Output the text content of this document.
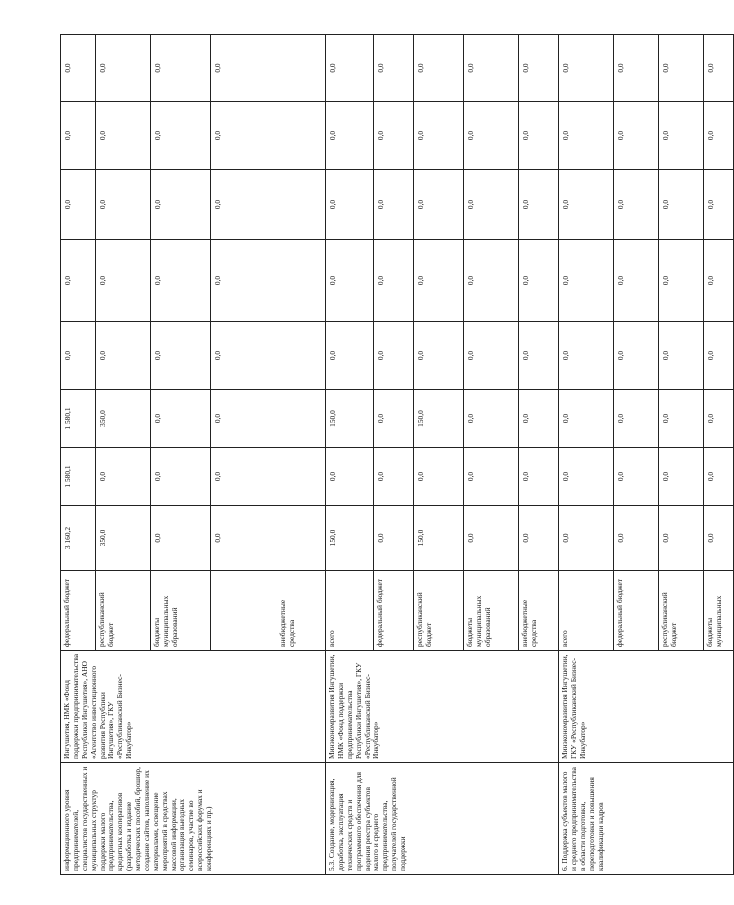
информационного уровня предпринимателей, специалистов государственных и муниципальных структур поддержки малого предпринимательства, кредитных кооперативов (разработка и издание методических пособий, брошюр, создание сайтов, наполнение их материалами, освещение мероприятий в средствах массовой информации, организация выездных семинаров, участие во всероссийских форумах и конференциях и пр.)	Ингушетия, НМК «Фонд поддержки предпринимательства Республики Ингушетия», АНО «Агентство инвестиционного развития Республики Ингушетия», ГКУ «Республиканский Бизнес-Инкубатор»	федеральный бюджет	3 160,2	1 580,1	1 580,1	0,0	0,0	0,0	0,0	0,0
		республиканский бюджет	350,0	0,0	350,0	0,0	0,0	0,0	0,0	0,0
		бюджеты муниципальных образований	0,0	0,0	0,0	0,0	0,0	0,0	0,0	0,0
		внебюджетные средства	0,0	0,0	0,0	0,0	0,0	0,0	0,0	0,0
5.3. Создание, модернизация, доработка, эксплуатация технических средств и программного обеспечения для ведения реестра субъектов малого и среднего предпринимательства, получателей государственной поддержки	Минэкономразвития Ингушетии, НМК «Фонд поддержки предпринимательства Республики Ингушетия», ГКУ «Республиканский Бизнес-Инкубатор»	всего	150,0	0,0	150,0	0,0	0,0	0,0	0,0	0,0
		федеральный бюджет	0,0	0,0	0,0	0,0	0,0	0,0	0,0	0,0
		республиканский бюджет	150,0	0,0	150,0	0,0	0,0	0,0	0,0	0,0
		бюджеты муниципальных образований	0,0	0,0	0,0	0,0	0,0	0,0	0,0	0,0
		внебюджетные средства	0,0	0,0	0,0	0,0	0,0	0,0	0,0	0,0
6. Поддержка субъектов малого и среднего предпринимательства в области подготовки, переподготовки и повышения квалификации кадров	Минэкономразвития Ингушетии, ГКУ «Республиканский Бизнес-Инкубатор»	всего	0,0	0,0	0,0	0,0	0,0	0,0	0,0	0,0
		федеральный бюджет	0,0	0,0	0,0	0,0	0,0	0,0	0,0	0,0
		республиканский бюджет	0,0	0,0	0,0	0,0	0,0	0,0	0,0	0,0
		бюджеты муниципальных	0,0	0,0	0,0	0,0	0,0	0,0	0,0	0,0
